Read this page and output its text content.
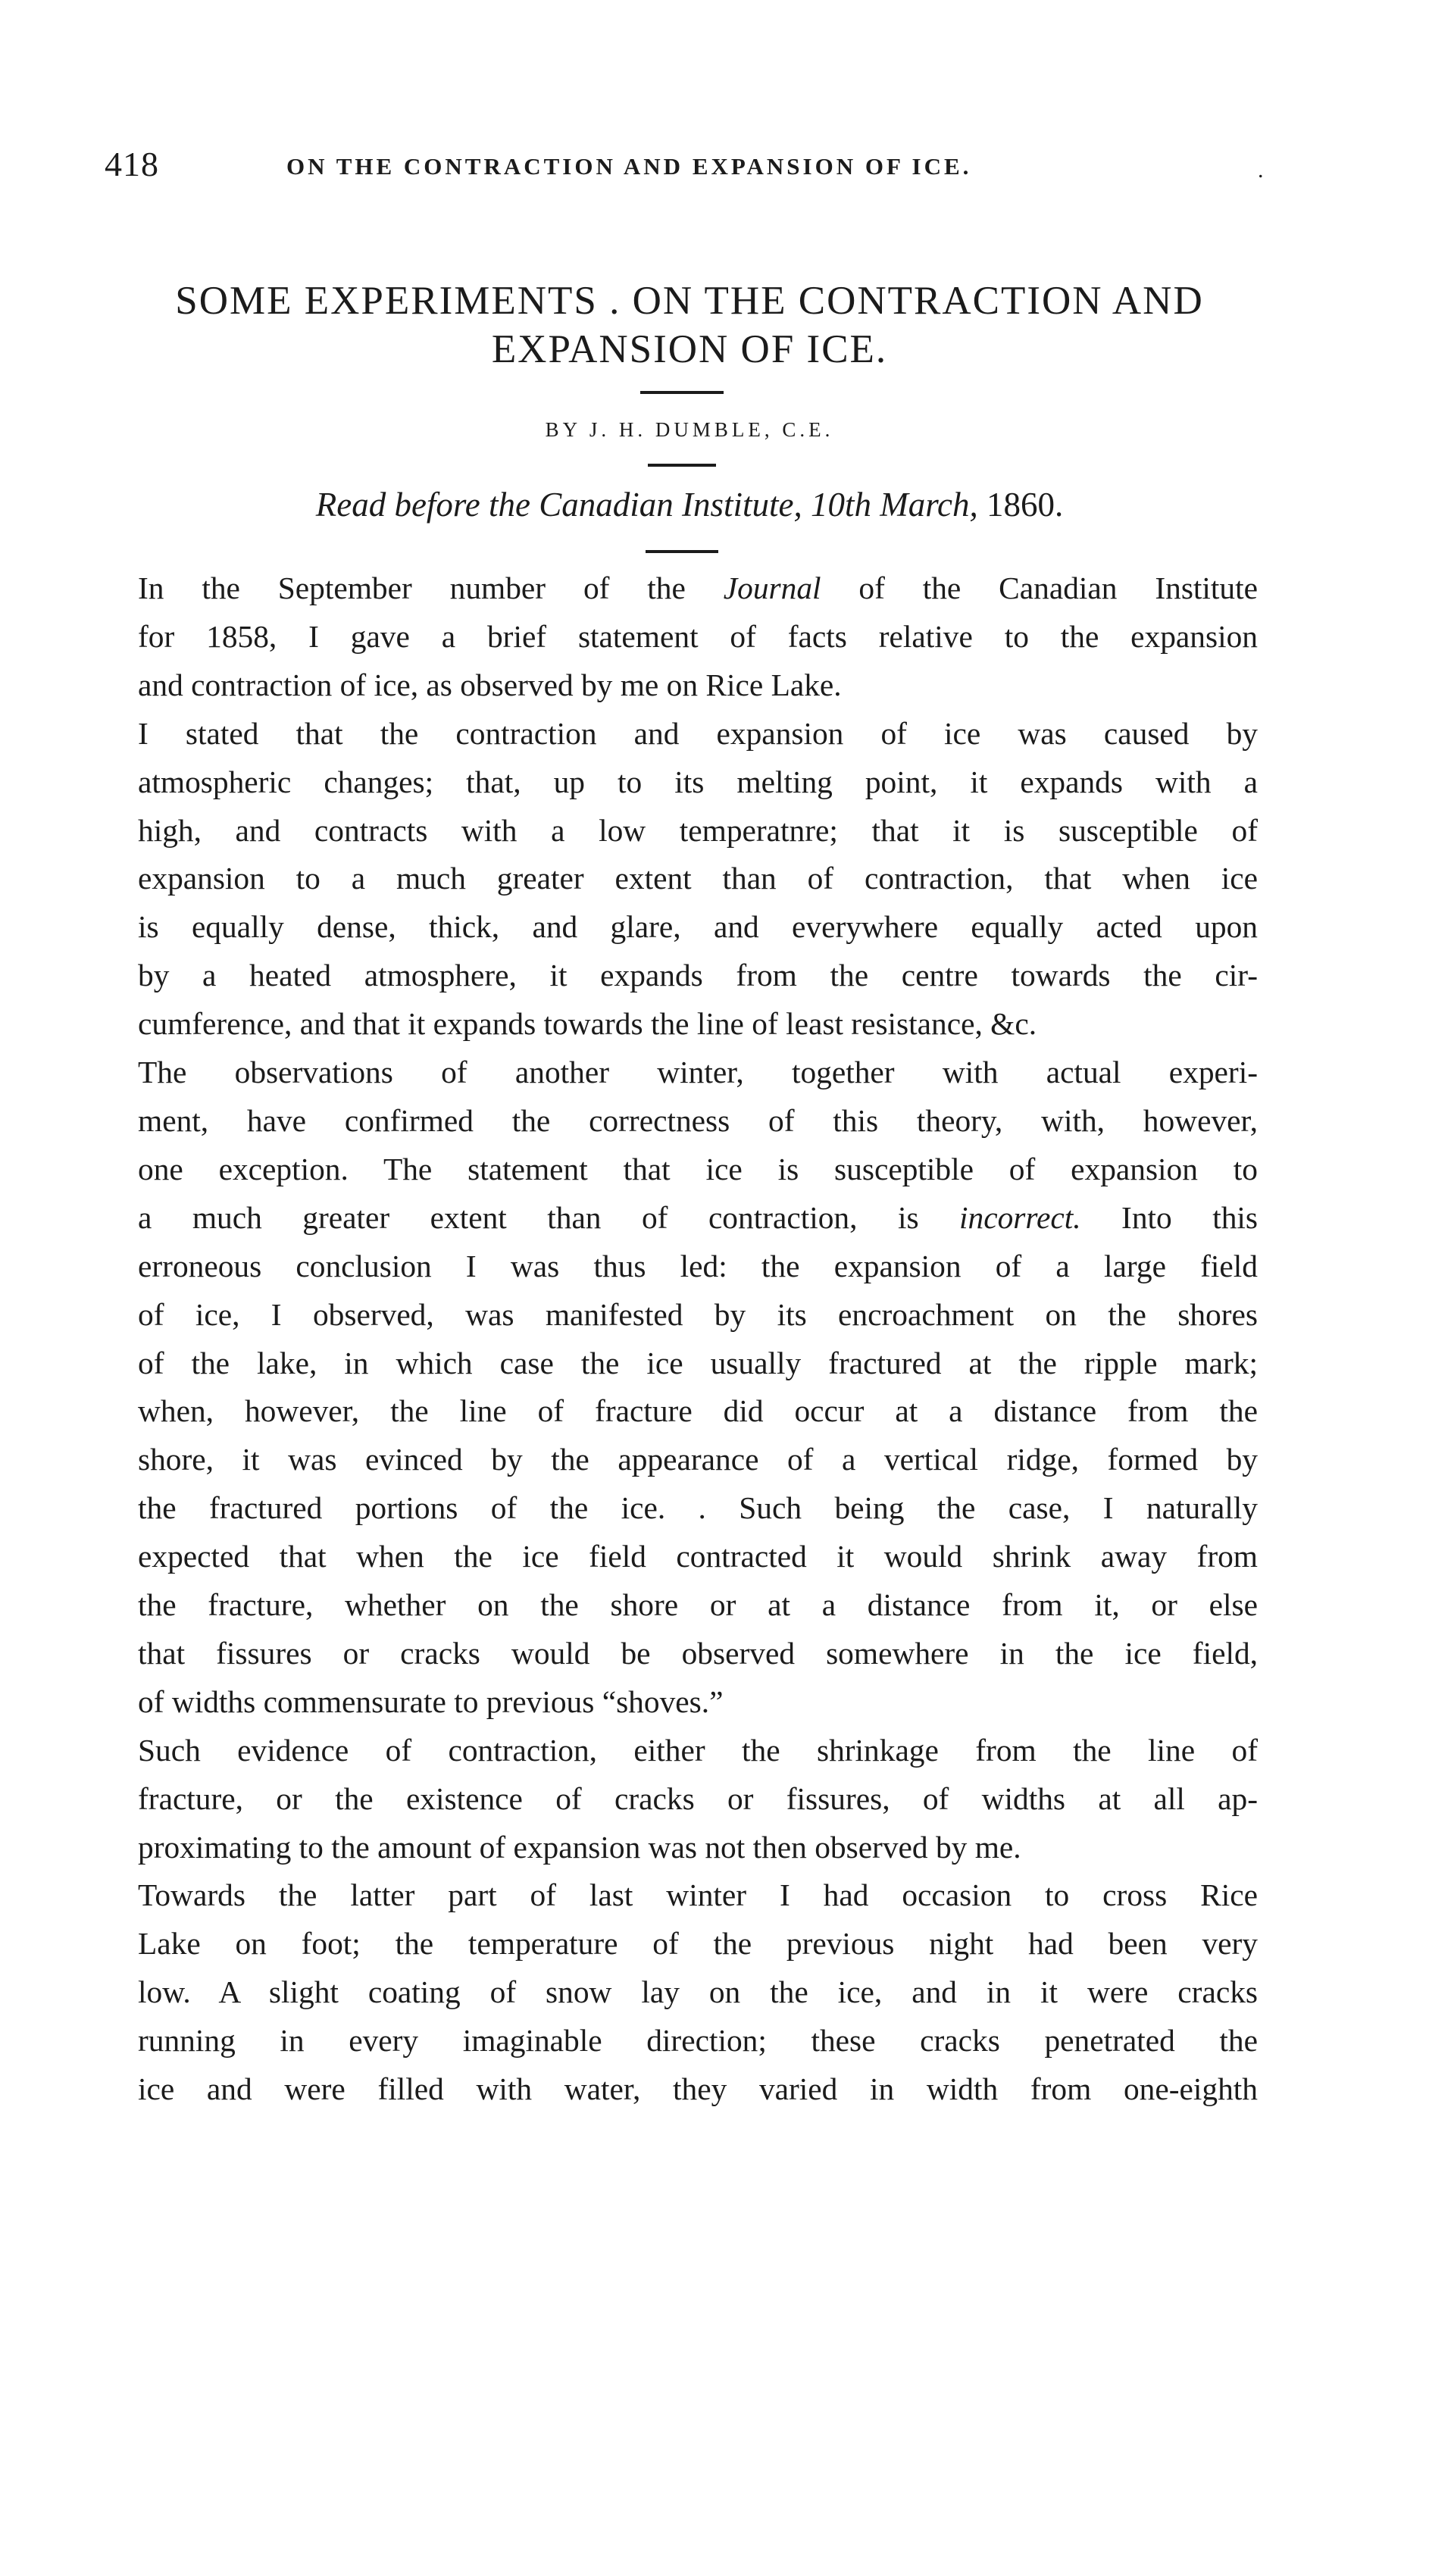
418	ON THE CONTRACTION AND EXPANSION OF ICE.	.
SOME EXPERIMENTS . ON THE CONTRACTION AND
EXPANSION OF ICE.
BY J. H. DUMBLE, C.E.
Read before the Canadian Institute, 10th March, 1860.

In the September number of the Journal of the Canadian Institute
for 1858, I gave a brief statement of facts relative to the expansion
and contraction of ice, as observed by me on Rice Lake.

I stated that the contraction and expansion of ice was caused by
atmospheric changes; that, up to its melting point, it expands with a
high, and contracts with a low temperatnre; that it is susceptible of
expansion to a much greater extent than of contraction, that when ice
is equally dense, thick, and glare, and everywhere equally acted upon
by a heated atmosphere, it expands from the centre towards the cir-
cumference, and that it expands towards the line of least resistance, &c.

The observations of another winter, together with actual experi-
ment, have confirmed the correctness of this theory, with, however,
one exception. The statement that ice is susceptible of expansion to
a much greater extent than of contraction, is incorrect. Into this
erroneous conclusion I was thus led: the expansion of a large field
of ice, I observed, was manifested by its encroachment on the shores
of the lake, in which case the ice usually fractured at the ripple mark;
when, however, the line of fracture did occur at a distance from the
shore, it was evinced by the appearance of a vertical ridge, formed by
the fractured portions of the ice. . Such being the case, I naturally
expected that when the ice field contracted it would shrink away from
the fracture, whether on the shore or at a distance from it, or else
that fissures or cracks would be observed somewhere in the ice field,
of widths commensurate to previous “shoves.”

Such evidence of contraction, either the shrinkage from the line of
fracture, or the existence of cracks or fissures, of widths at all ap-
proximating to the amount of expansion was not then observed by me.

Towards the latter part of last winter I had occasion to cross Rice
Lake on foot; the temperature of the previous night had been very
low. A slight coating of snow lay on the ice, and in it were cracks
running in every imaginable direction; these cracks penetrated the
ice and were filled with water, they varied in width from one-eighth
